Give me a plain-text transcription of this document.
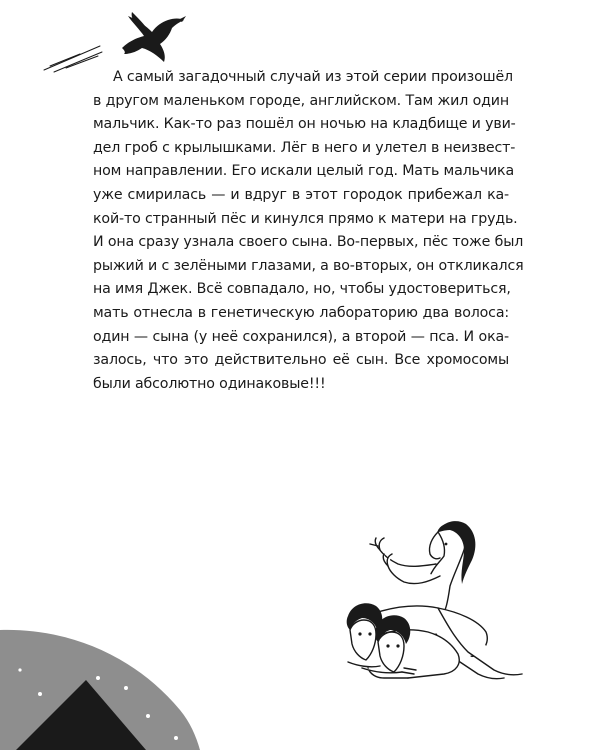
А самый загадочный случай из этой серии произошёл
в другом маленьком городе, английском. Там жил один
мальчик. Как-то раз пошёл он ночью на кладбище и уви-
дел гроб с крылышками. Лёг в него и улетел в неизвест-
ном направлении. Его искали целый год. Мать мальчика
уже смирилась — и вдруг в этот городок прибежал ка-
кой-то странный пёс и кинулся прямо к матери на грудь.
И она сразу узнала своего сына. Во-первых, пёс тоже был
рыжий и с зелёными глазами, а во-вторых, он откликался
на имя Джек. Всё совпадало, но, чтобы удостовериться,
мать отнесла в генетическую лабораторию два волоса:
один — сына (у неё сохранился), а второй — пса. И ока-
залось, что это действительно её сын. Все хромосомы
были абсолютно одинаковые!!!
